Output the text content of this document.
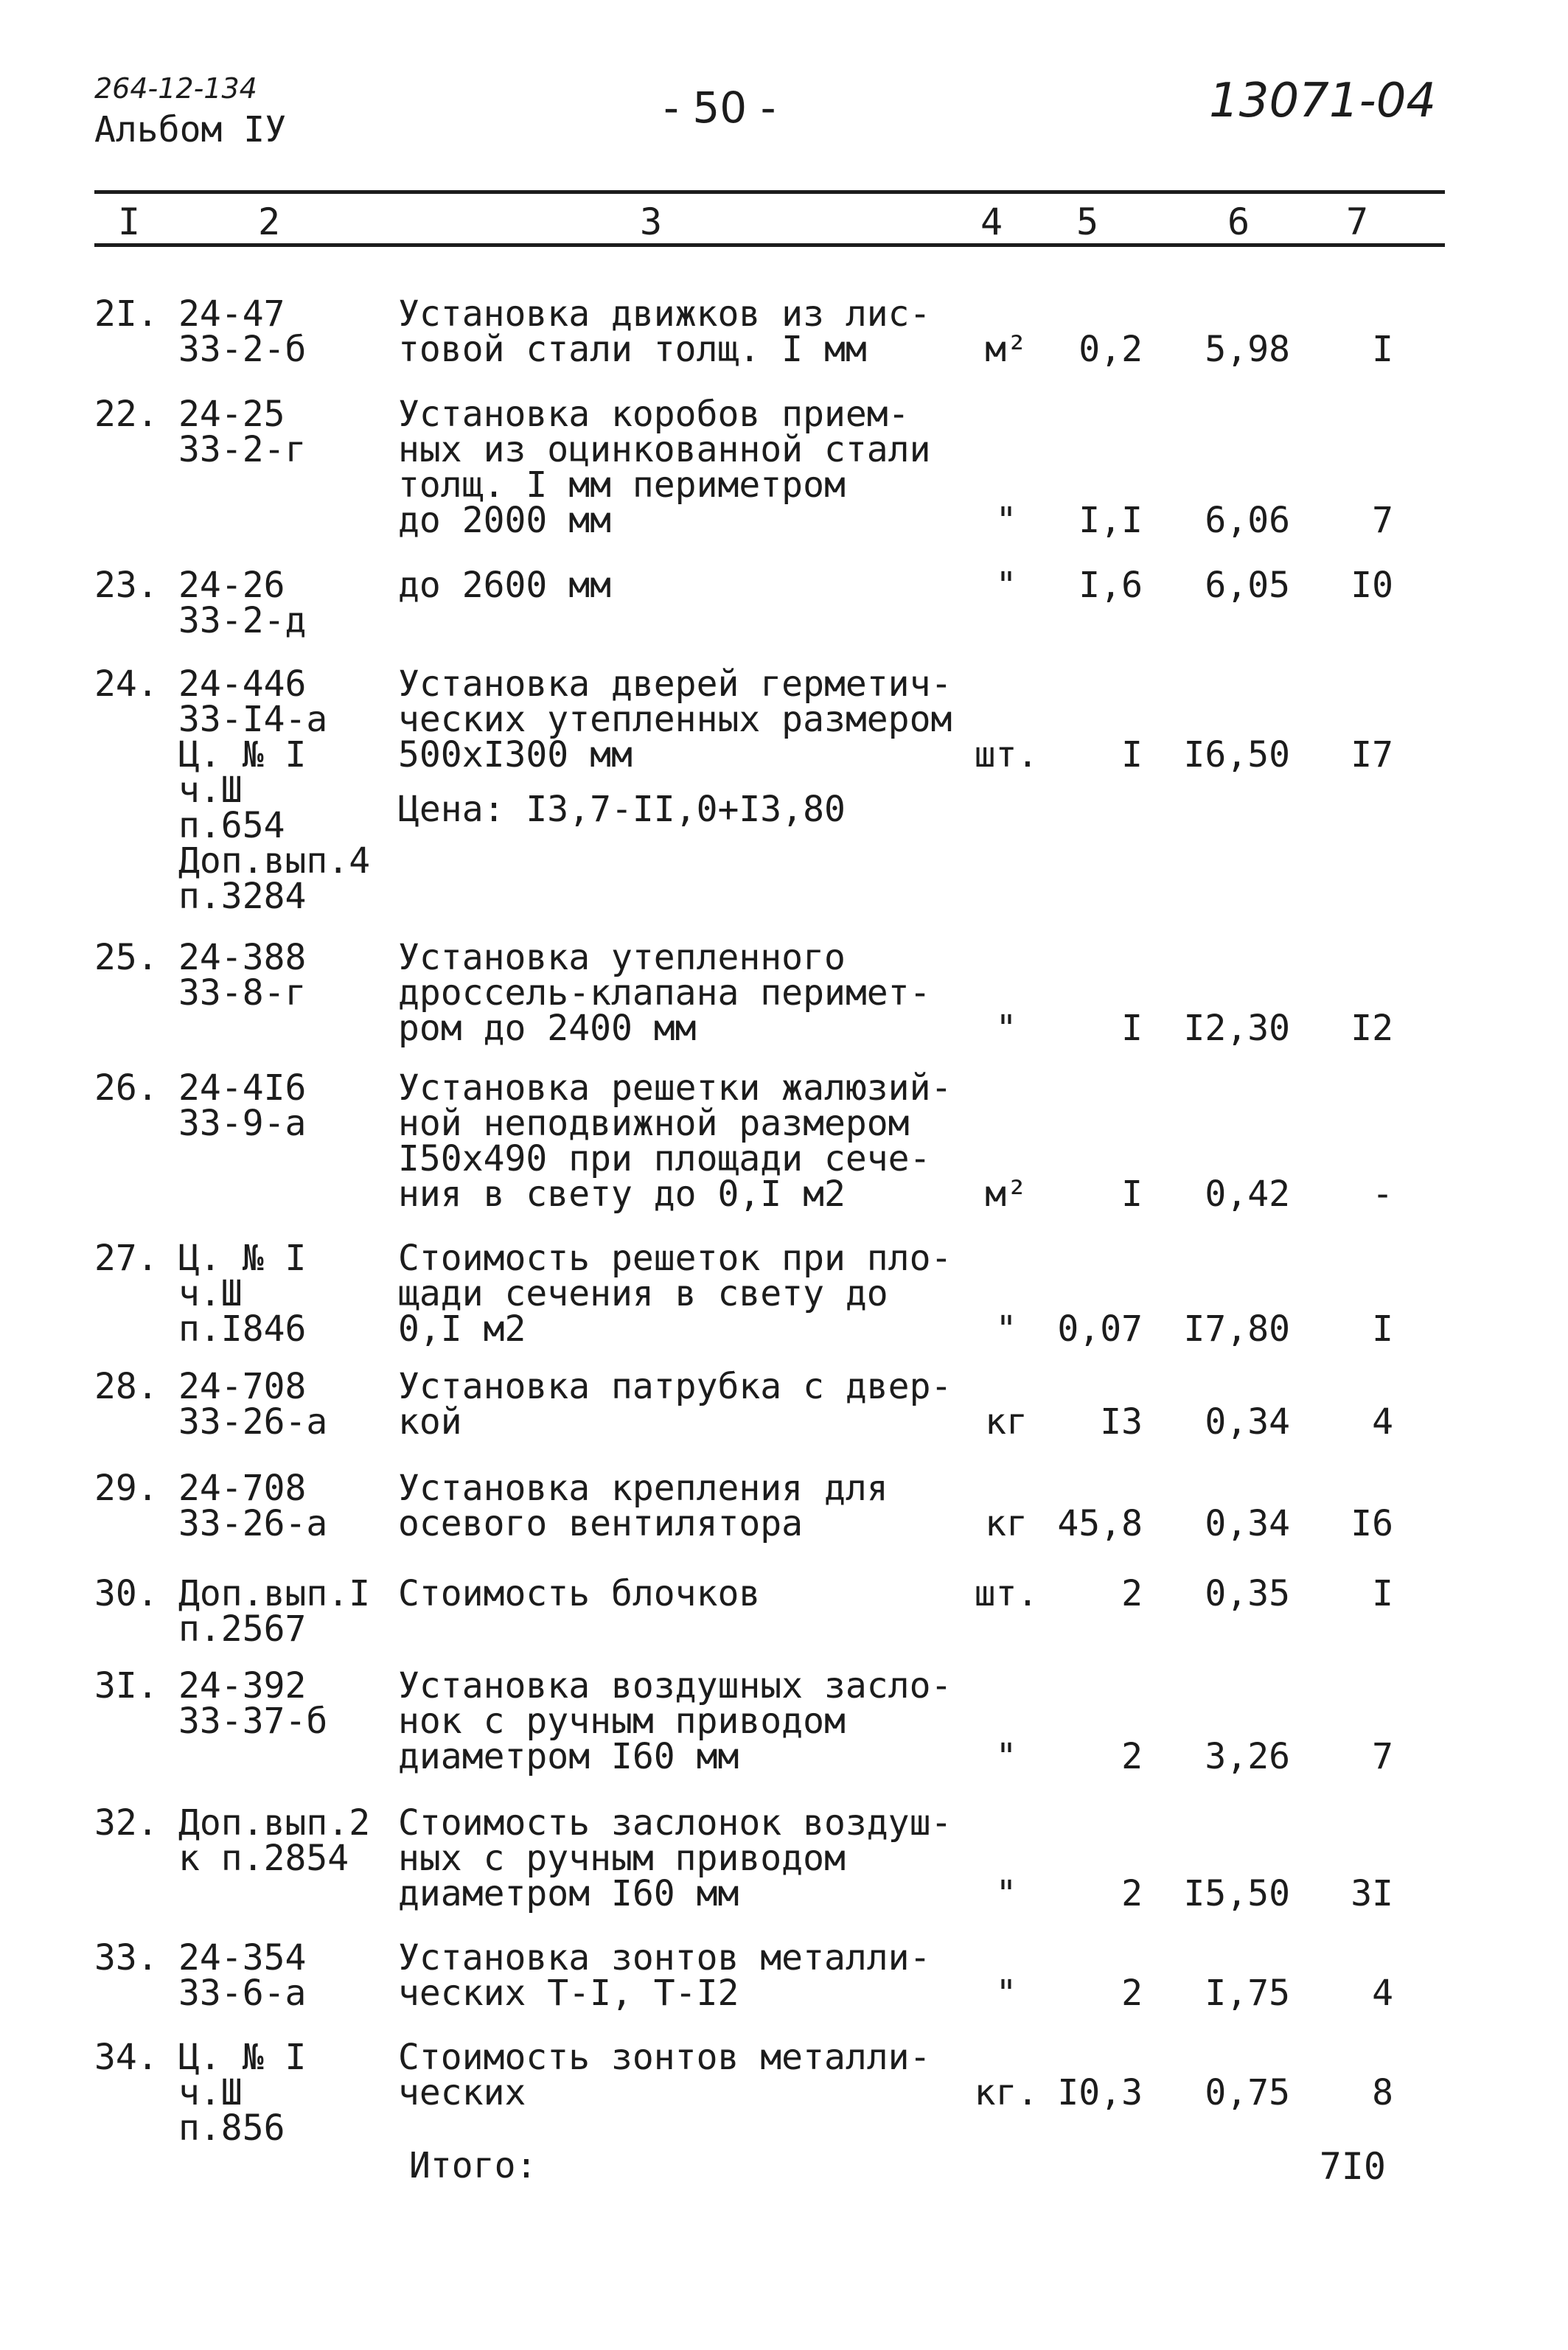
264-12-134
Альбом IУ	- 50 -	13071-04
I	2	3	4 5	6	7
2I. 24-47
33-2-б
Установка движков из лис-
товой стали толщ. I мм	м²	0,2	5,98	I
22. 24-25
33-2-г
Установка коробов прием-
ных из оцинкованной стали
толщ. I мм периметром
до 2000 мм	"	I,I	6,06	7
23. 24-26
33-2-д
до 2600 мм	"	I,6	6,05	I0
24. 24-446
33-I4-а
Ц. № I
ч.Ш
п.654
Доп.вып.4
п.3284
Установка дверей герметич-
ческих утепленных размером
500хI300 мм
Цена: I3,7-II,0+I3,80
шт.	I	I6,50	I7
25. 24-388
33-8-г
Установка утепленного
дроссель-клапана перимет-
ром до 2400 мм	"	I	I2,30	I2
26. 24-4I6
33-9-а
Установка решетки жалюзий-
ной неподвижной размером
I50х490 при площади сече-
ния в свету до 0,I м2	м²	I	0,42	-
27. Ц. № I
ч.Ш
п.I846
Стоимость решеток при пло-
щади сечения в свету до
0,I м2	"	0,07	I7,80	I
28. 24-708
33-26-а
Установка патрубка с двер-
кой	кг	I3	0,34	4
29. 24-708
33-26-а
Установка крепления для
осевого вентилятора	кг 45,8	0,34	I6
30. Доп.вып.I
п.2567
Стоимость блочков	шт.	2	0,35	I
3I. 24-392
33-37-б
Установка воздушных засло-
нок с ручным приводом
диаметром I60 мм	"	2	3,26	7
32. Доп.вып.2
к п.2854
Стоимость заслонок воздуш-
ных с ручным приводом
диаметром I60 мм	"	2	I5,50	3I
33. 24-354
33-6-а
Установка зонтов металли-
ческих Т-I, Т-I2	"	2	I,75	4
34. Ц. № I
ч.Ш
п.856
Стоимость зонтов металли-
ческих	кг. I0,3	0,75	8
Итого:	7I0
